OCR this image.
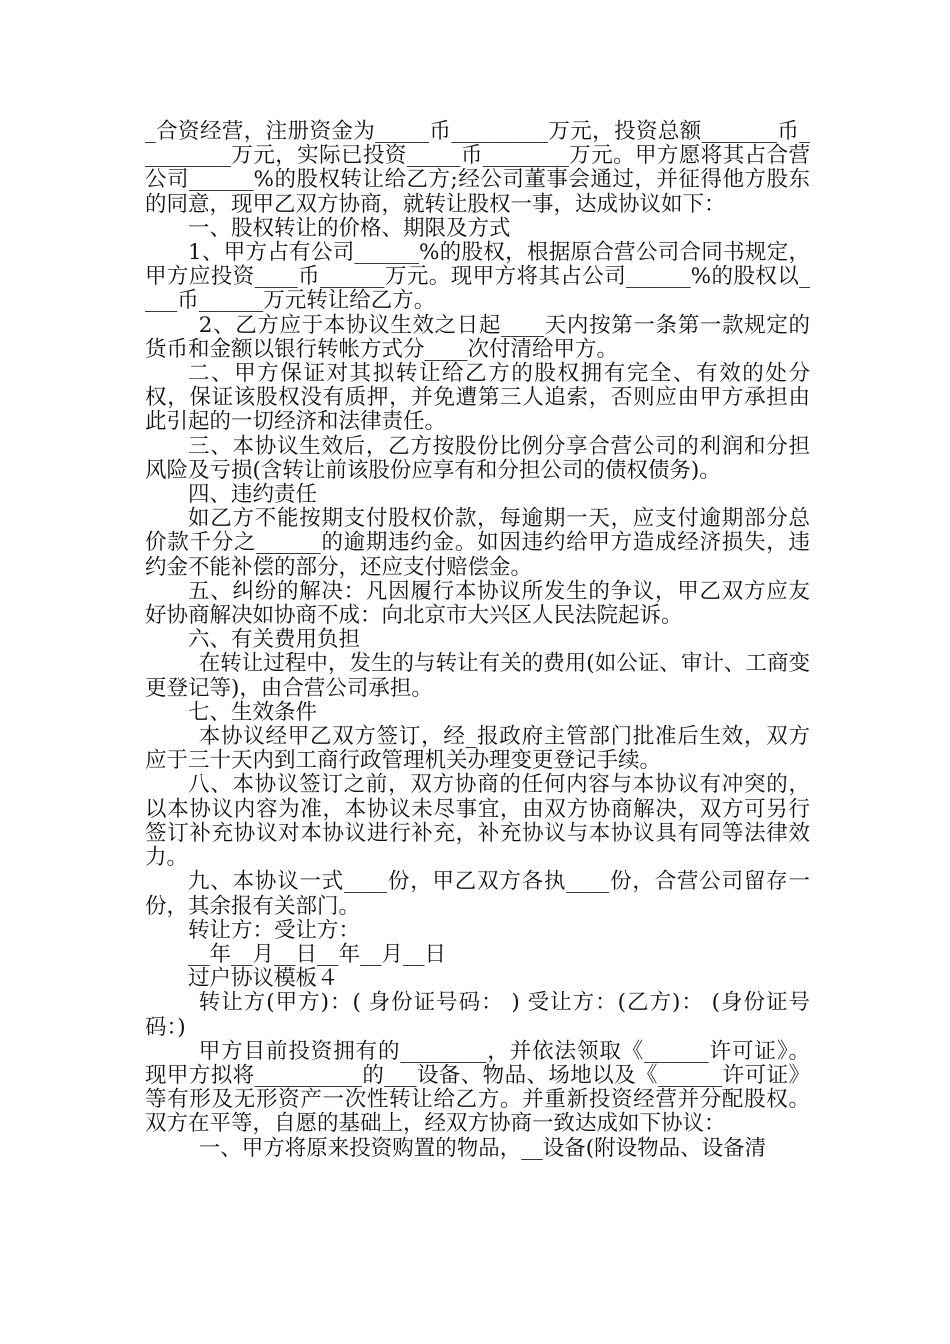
_合资经营，注册资金为_____币_________万元，投资总额_______币_________万元，实际已投资_____币________万元。甲方愿将其占合营公司______%的股权转让给乙方;经公司董事会通过，并征得他方股东的同意，现甲乙双方协商，就转让股权一事，达成协议如下：

一、股权转让的价格、期限及方式

1、甲方占有公司______%的股权，根据原合营公司合同书规定，甲方应投资____币______万元。现甲方将其占公司______%的股权以____币______万元转让给乙方。

2、乙方应于本协议生效之日起____天内按第一条第一款规定的货币和金额以银行转帐方式分____次付清给甲方。

二、甲方保证对其拟转让给乙方的股权拥有完全、有效的处分权，保证该股权没有质押，并免遭第三人追索，否则应由甲方承担由此引起的一切经济和法律责任。

三、本协议生效后，乙方按股份比例分享合营公司的利润和分担风险及亏损(含转让前该股份应享有和分担公司的债权债务)。

四、违约责任

如乙方不能按期支付股权价款，每逾期一天，应支付逾期部分总价款千分之______的逾期违约金。如因违约给甲方造成经济损失，违约金不能补偿的部分，还应支付赔偿金。

五、纠纷的解决：凡因履行本协议所发生的争议，甲乙双方应友好协商解决如协商不成：向北京市大兴区人民法院起诉。

六、有关费用负担

在转让过程中，发生的与转让有关的费用(如公证、审计、工商变更登记等)，由合营公司承担。

七、生效条件

本协议经甲乙双方签订，经_报政府主管部门批准后生效，双方应于三十天内到工商行政管理机关办理变更登记手续。

八、本协议签订之前，双方协商的任何内容与本协议有冲突的，以本协议内容为准，本协议未尽事宜，由双方协商解决，双方可另行签订补充协议对本协议进行补充，补充协议与本协议具有同等法律效力。

九、本协议一式____份，甲乙双方各执____份，合营公司留存一份，其余报有关部门。

转让方：受让方：

__年__月__日__年__月__日

过户协议模板４

转让方(甲方)：( 身份证号码： ) 受让方：(乙方)： (身份证号码：)

甲方目前投资拥有的________，并依法领取《______许可证》。现甲方拟将__________的___设备、物品、场地以及《______许可证》等有形及无形资产一次性转让给乙方。并重新投资经营并分配股权。双方在平等，自愿的基础上，经双方协商一致达成如下协议：

一、甲方将原来投资购置的物品，__设备(附设物品、设备清
